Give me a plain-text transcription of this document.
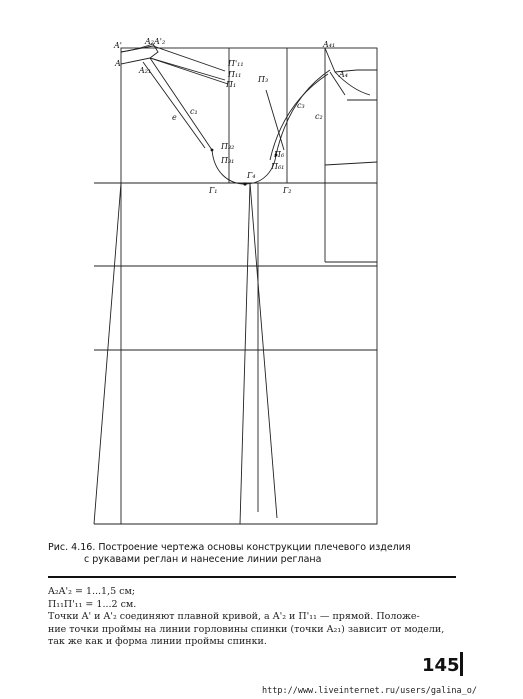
A'	A₂A'₂
A
A₂₁
П'₁₁
П₁₁
П₁
П₃
A₄₁
A₄
c₁
e
c₃
c₂
П₃₂
П₃₁
П₆
П₆₁
Г₄
Г₁	Г₂
Рис. 4.16. Построение чертежа основы конструкции плечевого изделия
с рукавами реглан и нанесение линии реглана

A₂A'₂ = 1...1,5 см;

П₁₁П'₁₁ = 1...2 см.

Точки A' и A'₂ соединяют плавной кривой, а A'₂ и П'₁₁ — прямой. Положе-

ние точки проймы на линии горловины спинки (точки A₂₁) зависит от модели,

так же как и форма линии проймы спинки.

145
http://www.liveinternet.ru/users/galina_o/
